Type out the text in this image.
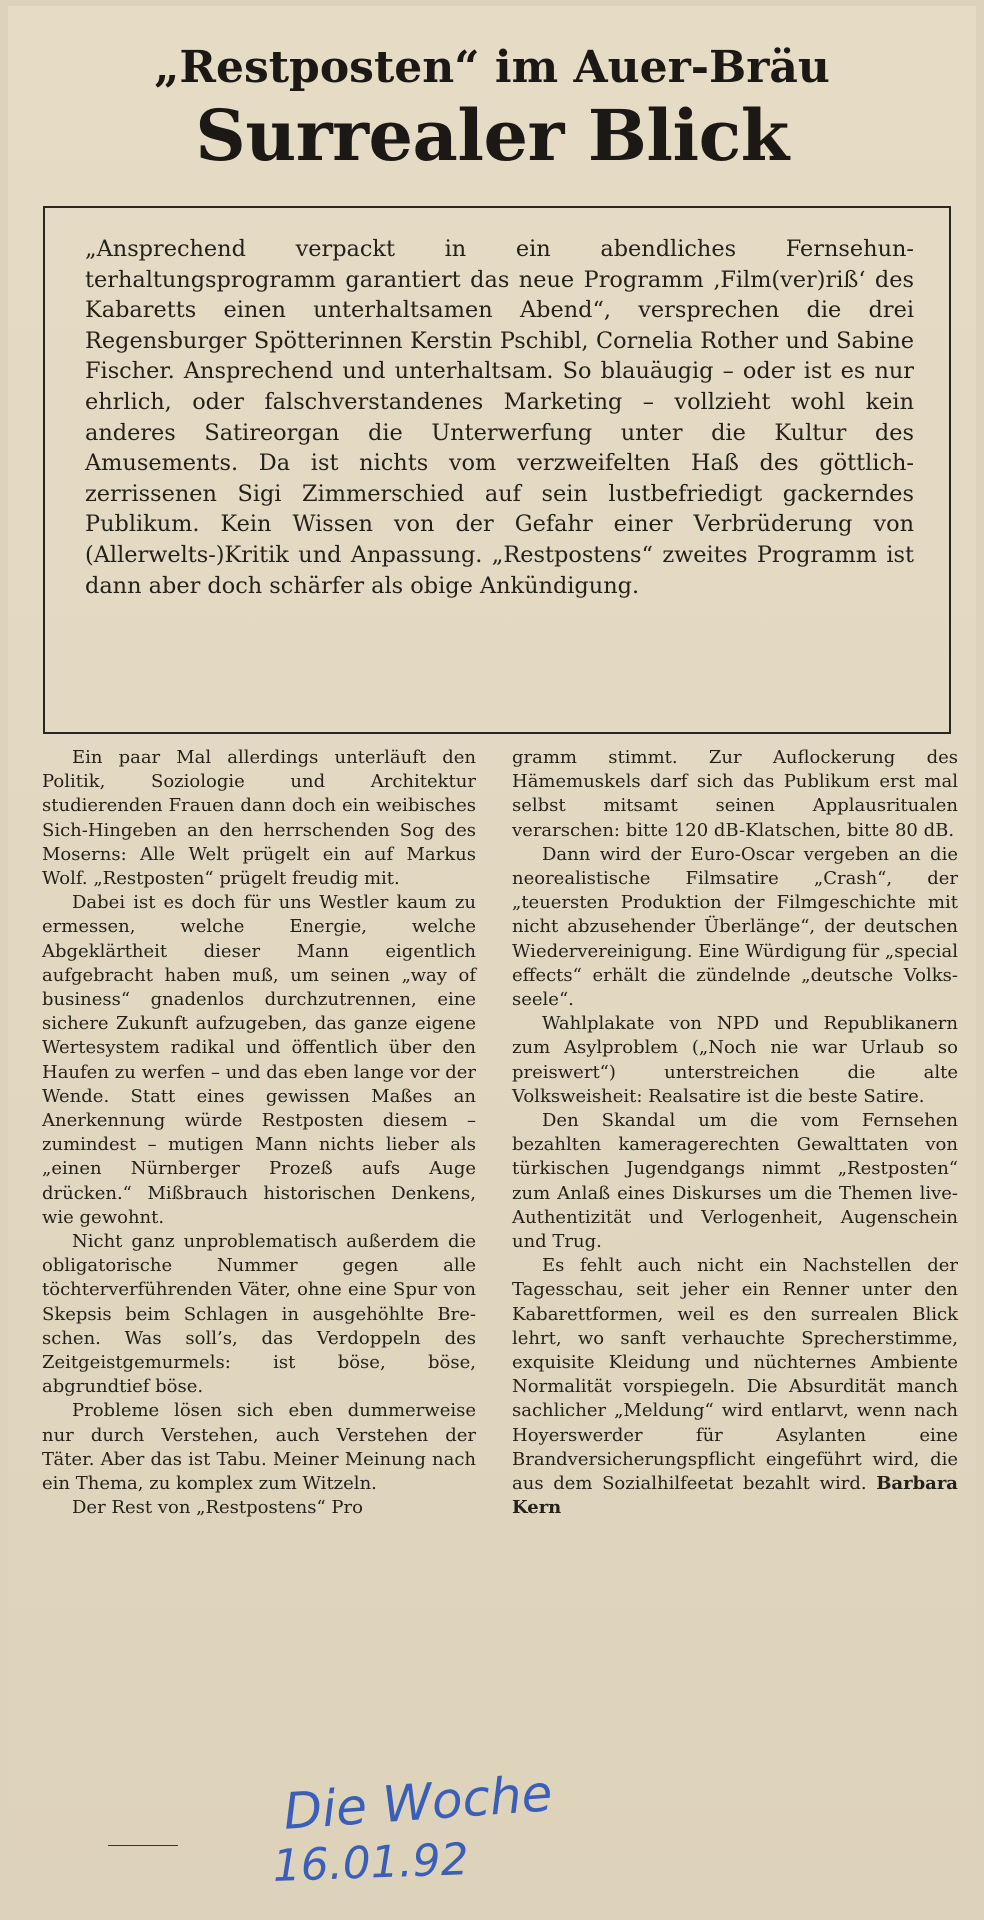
„Restposten“ im Auer-Bräu
Surrealer Blick

„Ansprechend verpackt in ein abendliches Fernsehunterhaltungsprogramm garantiert das neue Programm ‚Film(ver)riß‘ des Kabaretts einen unterhaltsamen Abend“, versprechen die drei Regensburger Spötterinnen Kerstin Pschibl, Cornelia Rother und Sabine Fischer. Ansprechend und unterhaltsam. So blauäugig – oder ist es nur ehrlich, oder falschverstandenes Marketing – vollzieht wohl kein anderes Satireorgan die Unterwerfung unter die Kultur des Amusements. Da ist nichts vom verzweifelten Haß des göttlich-zerrissenen Sigi Zimmerschied auf sein lustbefriedigt gackerndes Publikum. Kein Wissen von der Gefahr einer Verbrüderung von (Allerwelts-)Kritik und Anpassung. „Restpostens“ zweites Programm ist dann aber doch schärfer als obige Ankündigung.

Ein paar Mal allerdings unterläuft den Politik, Soziologie und Architektur studierenden Frauen dann doch ein weibisches Sich-Hingeben an den herrschenden Sog des Moserns: Alle Welt prügelt ein auf Markus Wolf. „Restposten“ prügelt freudig mit.

Dabei ist es doch für uns Westler kaum zu ermessen, welche Energie, welche Abgeklärtheit dieser Mann eigentlich aufgebracht haben muß, um seinen „way of business“ gnadenlos durchzutrennen, eine sichere Zukunft aufzugeben, das ganze eigene Wertesystem radikal und öffentlich über den Haufen zu werfen – und das eben lange vor der Wende. Statt eines gewissen Maßes an Anerkennung würde Restposten diesem – zumindest – mutigen Mann nichts lieber als „einen Nürnberger Prozeß aufs Auge drücken.“ Mißbrauch historischen Denkens, wie gewohnt.

Nicht ganz unproblematisch außerdem die obligatorische Nummer gegen alle töchterverführenden Väter, ohne eine Spur von Skepsis beim Schlagen in ausgehöhlte Breschen. Was soll’s, das Verdoppeln des Zeitgeistgemurmels: ist böse, böse, abgrundtief böse.

Probleme lösen sich eben dummerweise nur durch Verstehen, auch Verstehen der Täter. Aber das ist Tabu. Meiner Meinung nach ein Thema, zu komplex zum Witzeln.

Der Rest von „Restpostens“ Pro

gramm stimmt. Zur Auflockerung des Hämemuskels darf sich das Publikum erst mal selbst mitsamt seinen Applausritualen verarschen: bitte 120 dB-Klatschen, bitte 80 dB.

Dann wird der Euro-Oscar vergeben an die neorealistische Filmsatire „Crash“, der „teuersten Produktion der Filmgeschichte mit nicht abzusehender Überlänge“, der deutschen Wiedervereinigung. Eine Würdigung für „special effects“ erhält die zündelnde „deutsche Volksseele“.

Wahlplakate von NPD und Republikanern zum Asylproblem („Noch nie war Urlaub so preiswert“) unterstreichen die alte Volksweisheit: Realsatire ist die beste Satire.

Den Skandal um die vom Fernsehen bezahlten kameragerechten Gewalttaten von türkischen Jugendgangs nimmt „Restposten“ zum Anlaß eines Diskurses um die Themen live-Authentizität und Verlogenheit, Augenschein und Trug.

Es fehlt auch nicht ein Nachstellen der Tagesschau, seit jeher ein Renner unter den Kabarettformen, weil es den surrealen Blick lehrt, wo sanft verhauchte Sprecherstimme, exquisite Kleidung und nüchternes Ambiente Normalität vorspiegeln. Die Absurdität manch sachlicher „Meldung“ wird entlarvt, wenn nach Hoyerswerder für Asylanten eine Brandversicherungspflicht eingeführt wird, die aus dem Sozialhilfeetat bezahlt wird. Barbara Kern

Die Woche
16.01.92
